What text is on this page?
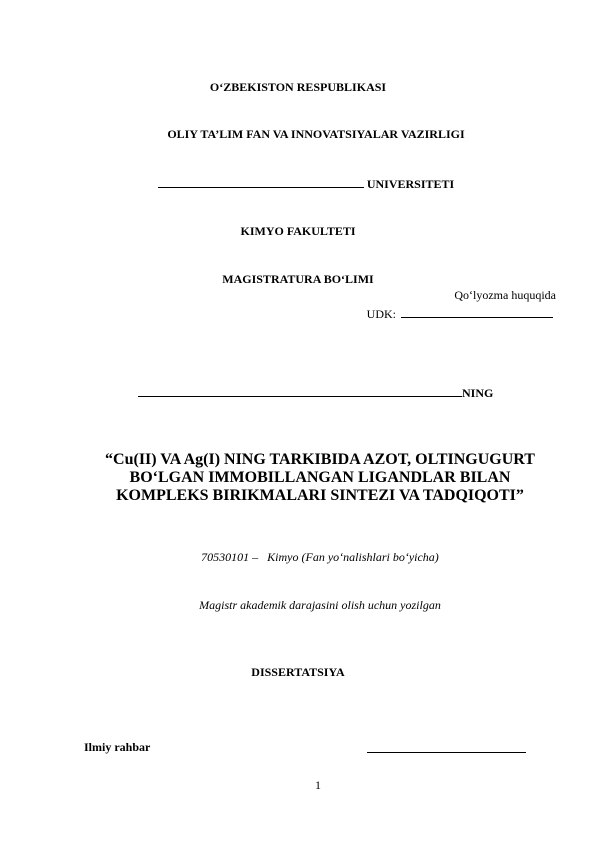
O‘ZBEKISTON RESPUBLIKASI
OLIY TA’LIM FAN VA INNOVATSIYALAR VAZIRLIGI
UNIVERSITETI
KIMYO FAKULTETI
MAGISTRATURA BO‘LIMI
Qo‘lyozma huquqida
UDK:
NING
“Cu(II) VA Ag(I) NING TARKIBIDA AZOT, OLTINGUGURT
BO‘LGAN IMMOBILLANGAN LIGANDLAR BILAN
KOMPLEKS BIRIKMALARI SINTEZI VA TADQIQOTI”
70530101 – Kimyo (Fan yo‘nalishlari bo‘yicha)
Magistr akademik darajasini olish uchun yozilgan
DISSERTATSIYA
Ilmiy rahbar
1
